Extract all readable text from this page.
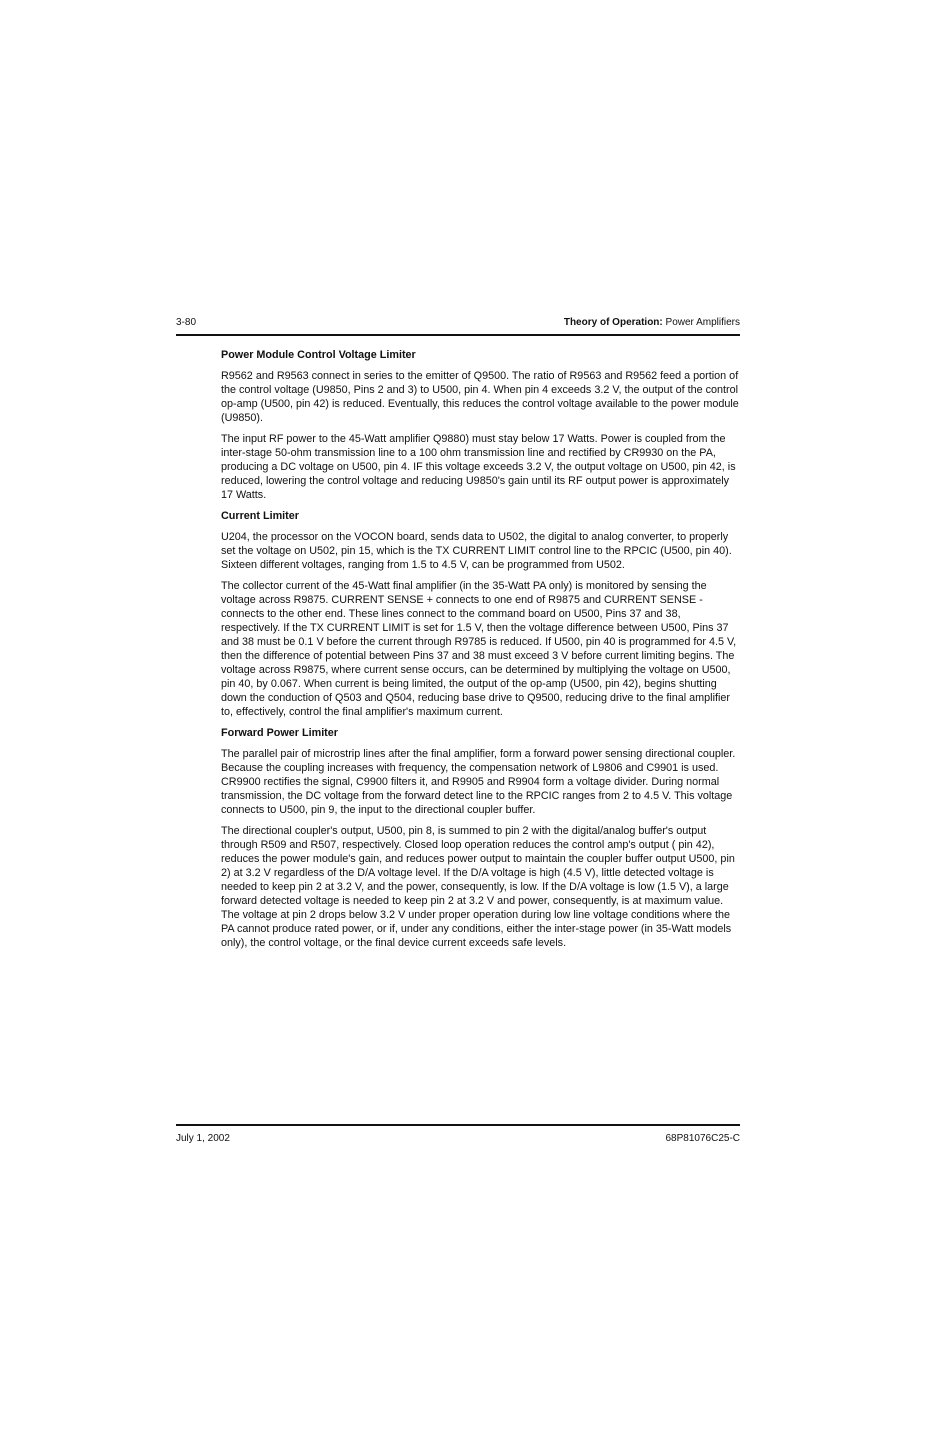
3-80	Theory of Operation: Power Amplifiers
Power Module Control Voltage Limiter

R9562 and R9563 connect in series to the emitter of Q9500. The ratio of R9563 and R9562 feed a portion of the control voltage (U9850, Pins 2 and 3) to U500, pin 4. When pin 4 exceeds 3.2 V, the output of the control op-amp (U500, pin 42) is reduced. Eventually, this reduces the control voltage available to the power module (U9850).

The input RF power to the 45-Watt amplifier Q9880) must stay below 17 Watts. Power is coupled from the inter-stage 50-ohm transmission line to a 100 ohm transmission line and rectified by CR9930 on the PA, producing a DC voltage on U500, pin 4. IF this voltage exceeds 3.2 V, the output voltage on U500, pin 42, is reduced, lowering the control voltage and reducing U9850's gain until its RF output power is approximately 17 Watts.

Current Limiter

U204, the processor on the VOCON board, sends data to U502, the digital to analog converter, to properly set the voltage on U502, pin 15, which is the TX CURRENT LIMIT control line to the RPCIC (U500, pin 40). Sixteen different voltages, ranging from 1.5 to 4.5 V, can be programmed from U502.

The collector current of the 45-Watt final amplifier (in the 35-Watt PA only) is monitored by sensing the voltage across R9875. CURRENT SENSE + connects to one end of R9875 and CURRENT SENSE - connects to the other end. These lines connect to the command board on U500, Pins 37 and 38, respectively. If the TX CURRENT LIMIT is set for 1.5 V, then the voltage difference between U500, Pins 37 and 38 must be 0.1 V before the current through R9785 is reduced. If U500, pin 40 is programmed for 4.5 V, then the difference of potential between Pins 37 and 38 must exceed 3 V before current limiting begins. The voltage across R9875, where current sense occurs, can be determined by multiplying the voltage on U500, pin 40, by 0.067. When current is being limited, the output of the op-amp (U500, pin 42), begins shutting down the conduction of Q503 and Q504, reducing base drive to Q9500, reducing drive to the final amplifier to, effectively, control the final amplifier's maximum current.

Forward Power Limiter

The parallel pair of microstrip lines after the final amplifier, form a forward power sensing directional coupler. Because the coupling increases with frequency, the compensation network of L9806 and C9901 is used. CR9900 rectifies the signal, C9900 filters it, and R9905 and R9904 form a voltage divider. During normal transmission, the DC voltage from the forward detect line to the RPCIC ranges from 2 to 4.5 V. This voltage connects to U500, pin 9, the input to the directional coupler buffer.

The directional coupler's output, U500, pin 8, is summed to pin 2 with the digital/analog buffer's output through R509 and R507, respectively. Closed loop operation reduces the control amp's output ( pin 42), reduces the power module's gain, and reduces power output to maintain the coupler buffer output U500, pin 2) at 3.2 V regardless of the D/A voltage level. If the D/A voltage is high (4.5 V), little detected voltage is needed to keep pin 2 at 3.2 V, and the power, consequently, is low. If the D/A voltage is low (1.5 V), a large forward detected voltage is needed to keep pin 2 at 3.2 V and power, consequently, is at maximum value. The voltage at pin 2 drops below 3.2 V under proper operation during low line voltage conditions where the PA cannot produce rated power, or if, under any conditions, either the inter-stage power (in 35-Watt models only), the control voltage, or the final device current exceeds safe levels.

July 1, 2002	68P81076C25-C
